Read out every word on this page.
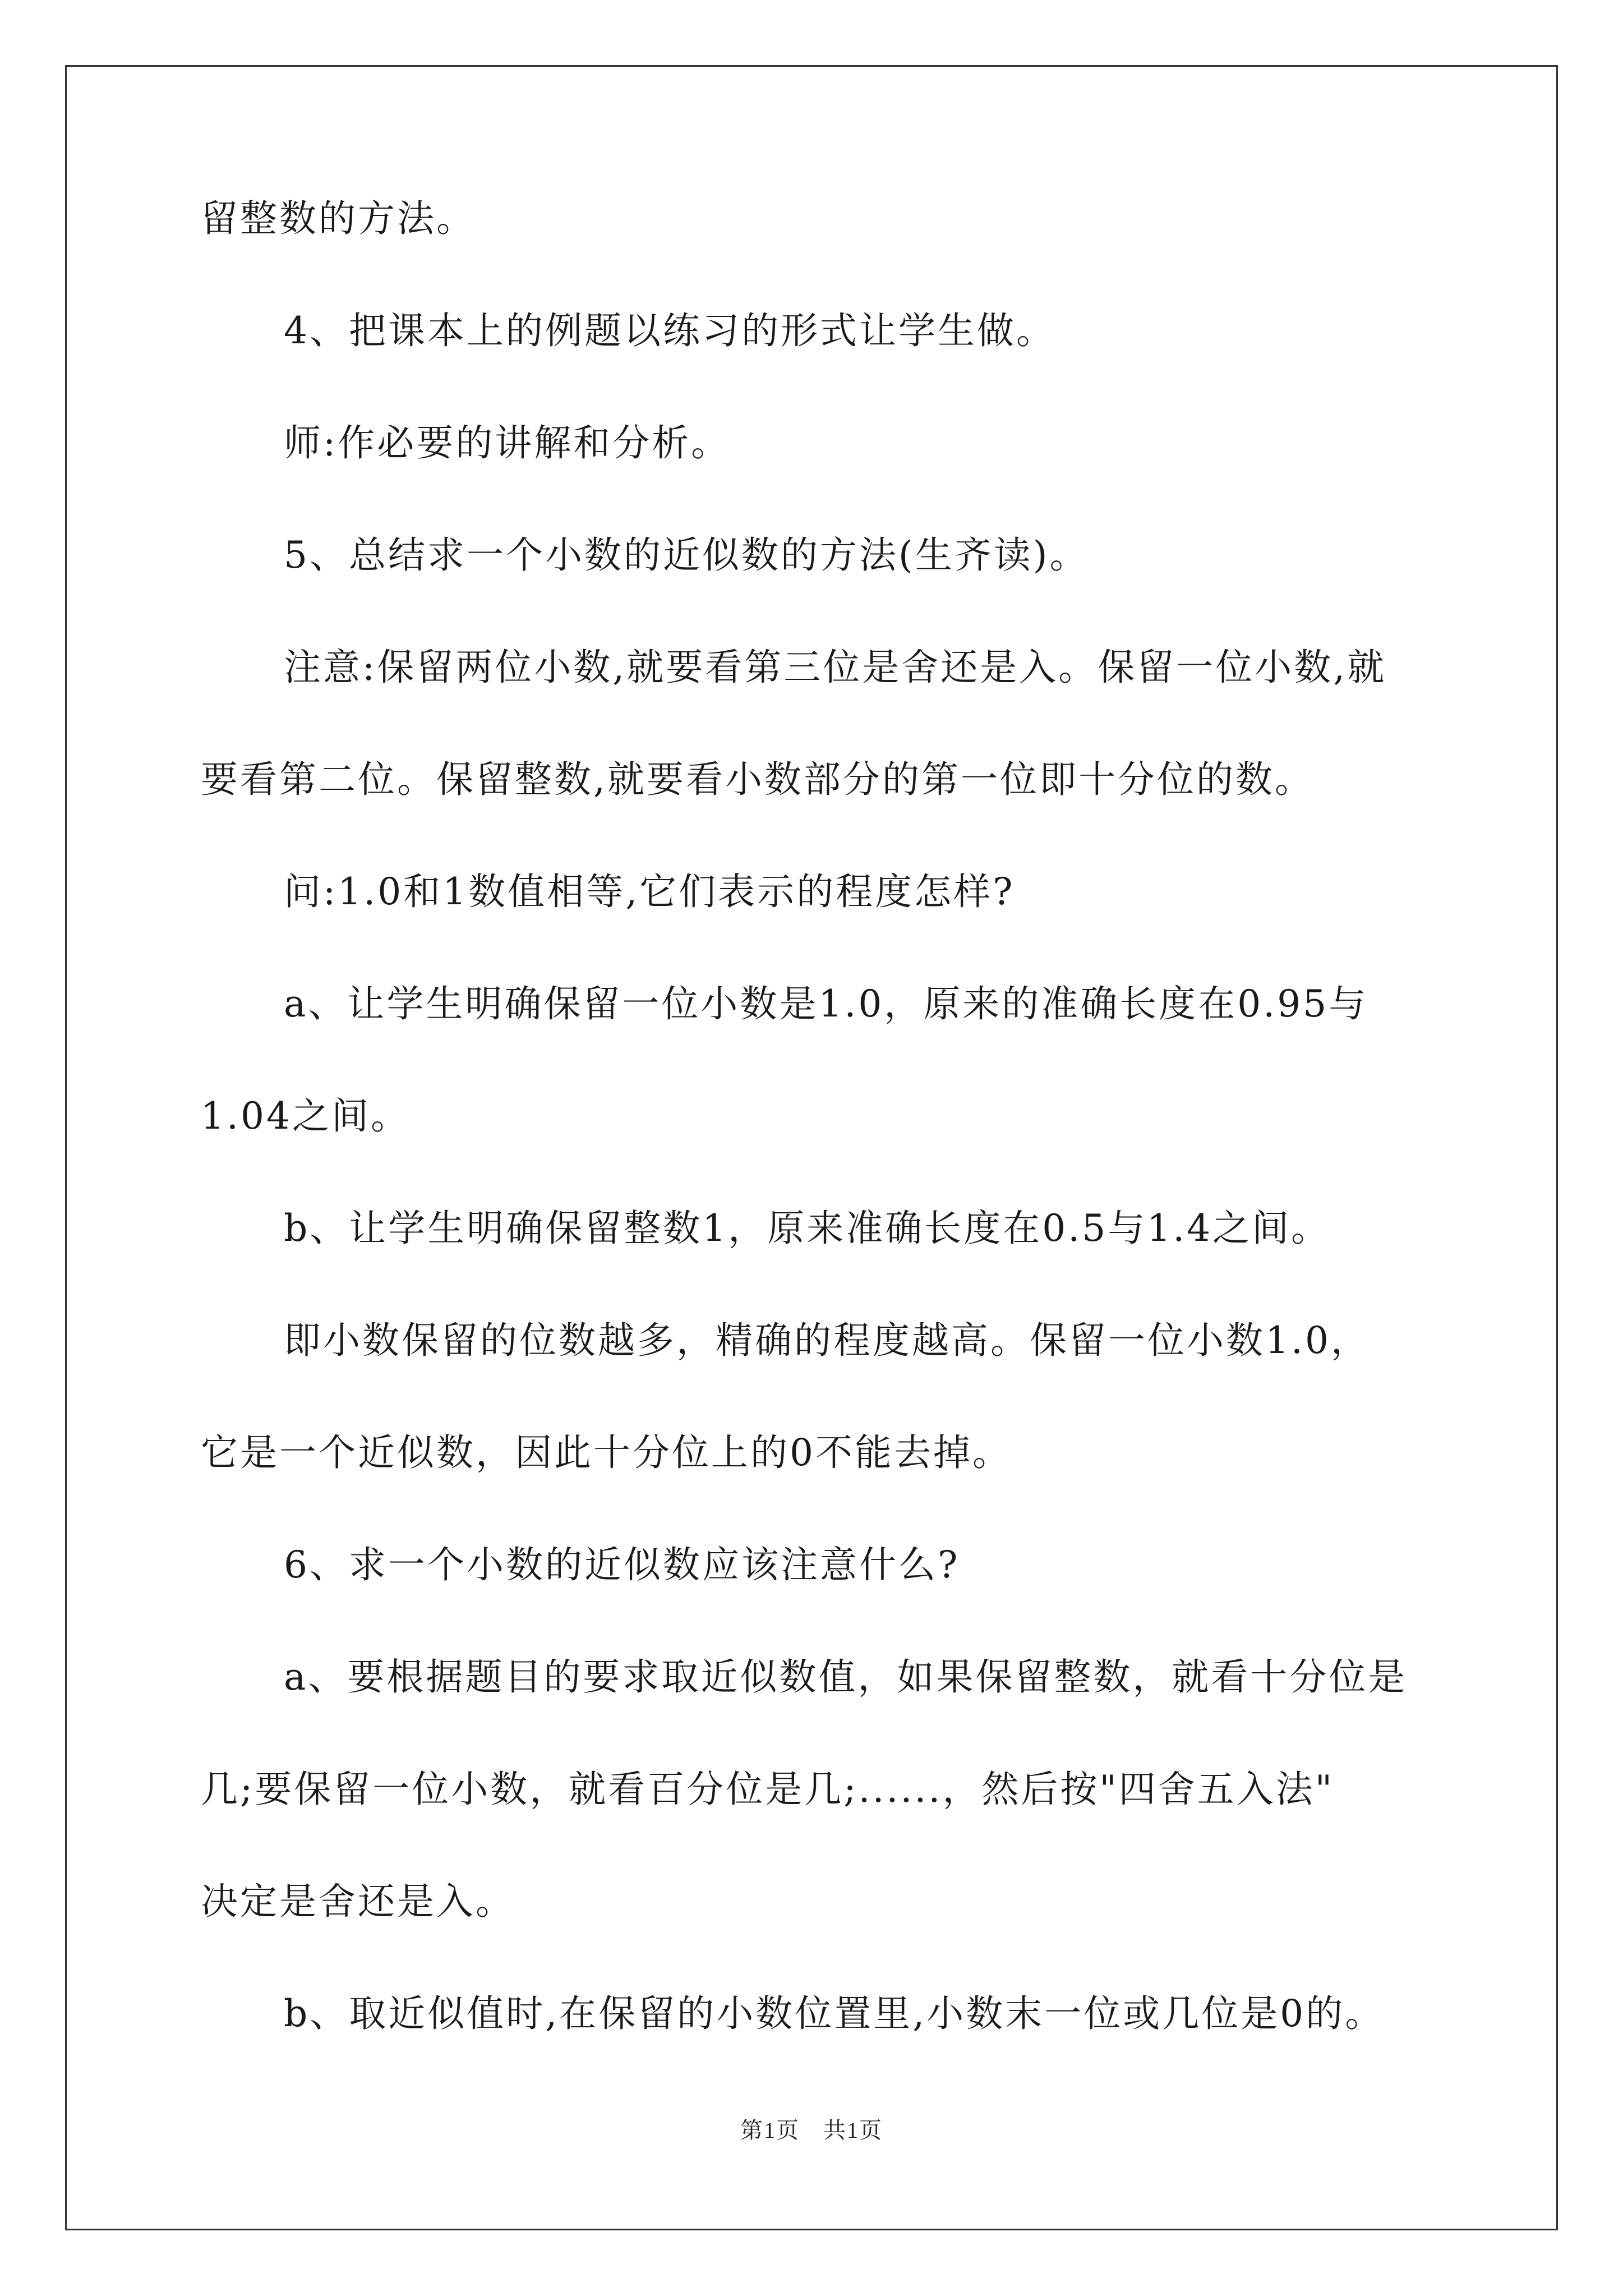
留整数的方法。
4、把课本上的例题以练习的形式让学生做。
师:作必要的讲解和分析。
5、总结求一个小数的近似数的方法(生齐读)。
注意:保留两位小数,就要看第三位是舍还是入。保留一位小数,就
要看第二位。保留整数,就要看小数部分的第一位即十分位的数。
问:1.0和1数值相等,它们表示的程度怎样?
a、让学生明确保留一位小数是1.0，原来的准确长度在0.95与
1.04之间。
b、让学生明确保留整数1，原来准确长度在0.5与1.4之间。
即小数保留的位数越多，精确的程度越高。保留一位小数1.0，
它是一个近似数，因此十分位上的0不能去掉。
6、求一个小数的近似数应该注意什么?
a、要根据题目的要求取近似数值，如果保留整数，就看十分位是
几;要保留一位小数，就看百分位是几;......，然后按"四舍五入法"
决定是舍还是入。
b、取近似值时,在保留的小数位置里,小数末一位或几位是0的。
第1页　共1页
